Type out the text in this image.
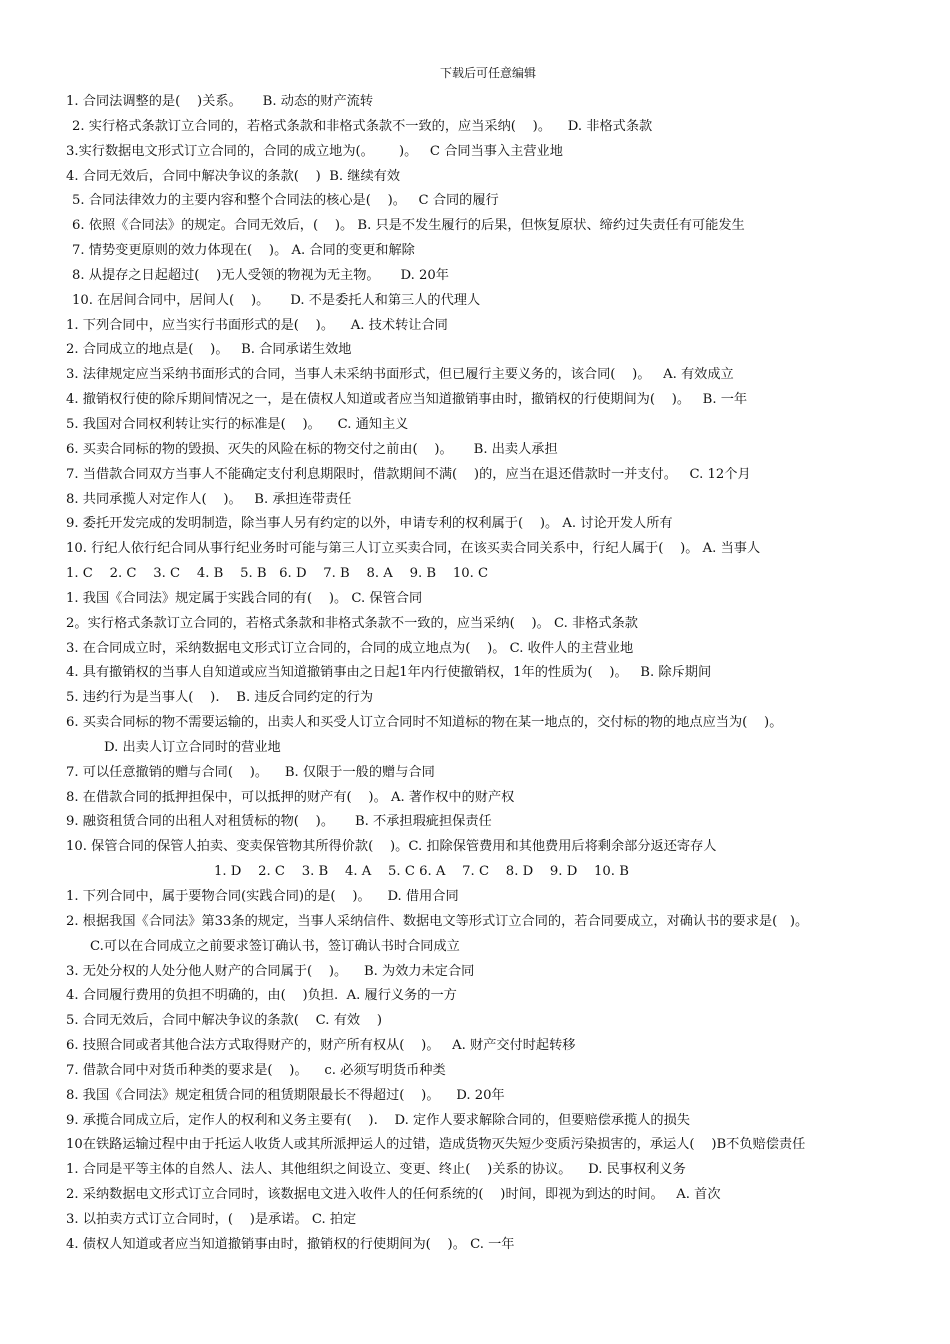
下载后可任意编辑
1. 合同法调整的是(    )关系。     B. 动态的财产流转
2. 实行格式条款订立合同的，若格式条款和非格式条款不一致的，应当采纳(    )。    D. 非格式条款
3.实行数据电文形式订立合同的，合同的成立地为(。      )。   C 合同当事入主营业地
4. 合同无效后，合同中解决争议的条款(    )  B. 继续有效
5. 合同法律效力的主要内容和整个合同法的核心是(    )。   C 合同的履行
6. 依照《合同法》的规定。合同无效后，(    )。 B. 只是不发生履行的后果，但恢复原状、缔约过失责任有可能发生
7. 情势变更原则的效力体现在(    )。 A. 合同的变更和解除
8. 从提存之日起超过(    )无人受领的物视为无主物。     D. 20年
10. 在居间合同中，居间人(    )。     D. 不是委托人和第三人的代理人
1. 下列合同中，应当实行书面形式的是(    )。    A. 技术转让合同
2. 合同成立的地点是(    )。   B. 合同承诺生效地
3. 法律规定应当采纳书面形式的合同，当事人未采纳书面形式，但已履行主要义务的，该合同(    )。   A. 有效成立
4. 撤销权行使的除斥期间情况之一，是在债权人知道或者应当知道撤销事由时，撤销权的行使期间为(    )。   B. 一年
5. 我国对合同权利转让实行的标准是(    )。    C. 通知主义
6. 买卖合同标的物的毁损、灭失的风险在标的物交付之前由(    )。     B. 出卖人承担
7. 当借款合同双方当事人不能确定支付利息期限时，借款期间不满(    )的，应当在退还借款时一并支付。   C. 12个月
8. 共同承揽人对定作人(    )。   B. 承担连带责任
9. 委托开发完成的发明制造，除当事人另有约定的以外，申请专利的权利属于(    )。 A. 讨论开发人所有
10. 行纪人依行纪合同从事行纪业务时可能与第三人订立买卖合同，在该买卖合同关系中，行纪人属于(    )。 A. 当事人
1. C    2. C    3. C    4. B    5. B   6. D    7. B    8. A    9. B    10. C
1. 我国《合同法》规定属于实践合同的有(    )。 C. 保管合同
2。实行格式条款订立合同的，若格式条款和非格式条款不一致的，应当采纳(    )。 C. 非格式条款
3. 在合同成立时，采纳数据电文形式订立合同的，合同的成立地点为(    )。 C. 收件人的主营业地
4. 具有撤销权的当事人自知道或应当知道撤销事由之日起1年内行使撤销权，1年的性质为(    )。   B. 除斥期间
5. 违约行为是当事人(    ).    B. 违反合同约定的行为
6. 买卖合同标的物不需要运输的，出卖人和买受人订立合同时不知道标的物在某一地点的，交付标的物的地点应当为(    )。
D. 出卖人订立合同时的营业地
7. 可以任意撤销的赠与合同(    )。    B. 仅限于一般的赠与合同
8. 在借款合同的抵押担保中，可以抵押的财产有(    )。 A. 著作权中的财产权
9. 融资租赁合同的出租人对租赁标的物(    )。     B. 不承担瑕疵担保责任
10. 保管合同的保管人拍卖、变卖保管物其所得价款(    )。C. 扣除保管费用和其他费用后将剩余部分返还寄存人
1. D    2. C    3. B    4. A    5. C 6. A    7. C    8. D    9. D    10. B
1. 下列合同中，属于要物合同(实践合同)的是(    )。    D. 借用合同
2. 根据我国《合同法》第33条的规定，当事人采纳信件、数据电文等形式订立合同的，若合同要成立，对确认书的要求是(   )。
C.可以在合同成立之前要求签订确认书，签订确认书时合同成立
3. 无处分权的人处分他人财产的合同属于(    )。    B. 为效力未定合同
4. 合同履行费用的负担不明确的，由(    )负担.  A. 履行义务的一方
5. 合同无效后，合同中解决争议的条款(    C. 有效    )
6. 技照合同或者其他合法方式取得财产的，财产所有权从(    )。   A. 财产交付时起转移
7. 借款合同中对货币种类的要求是(    )。    c. 必须写明货币种类
8. 我国《合同法》规定租赁合同的租赁期限最长不得超过(    )。    D. 20年
9. 承揽合同成立后，定作人的权利和义务主要有(    ).    D. 定作人要求解除合同的，但要赔偿承揽人的损失
10在铁路运输过程中由于托运人收货人或其所派押运人的过错，造成货物灭失短少变质污染损害的，承运人(    )B不负赔偿责任
1. 合同是平等主体的自然人、法人、其他组织之间设立、变更、终止(    )关系的协议。    D. 民事权利义务
2. 采纳数据电文形式订立合同时，该数据电文进入收件人的任何系统的(    )时间，即视为到达的时间。   A. 首次
3. 以拍卖方式订立合同时，(    )是承诺。 C. 拍定
4. 债权人知道或者应当知道撤销事由时，撤销权的行使期间为(    )。 C. 一年
